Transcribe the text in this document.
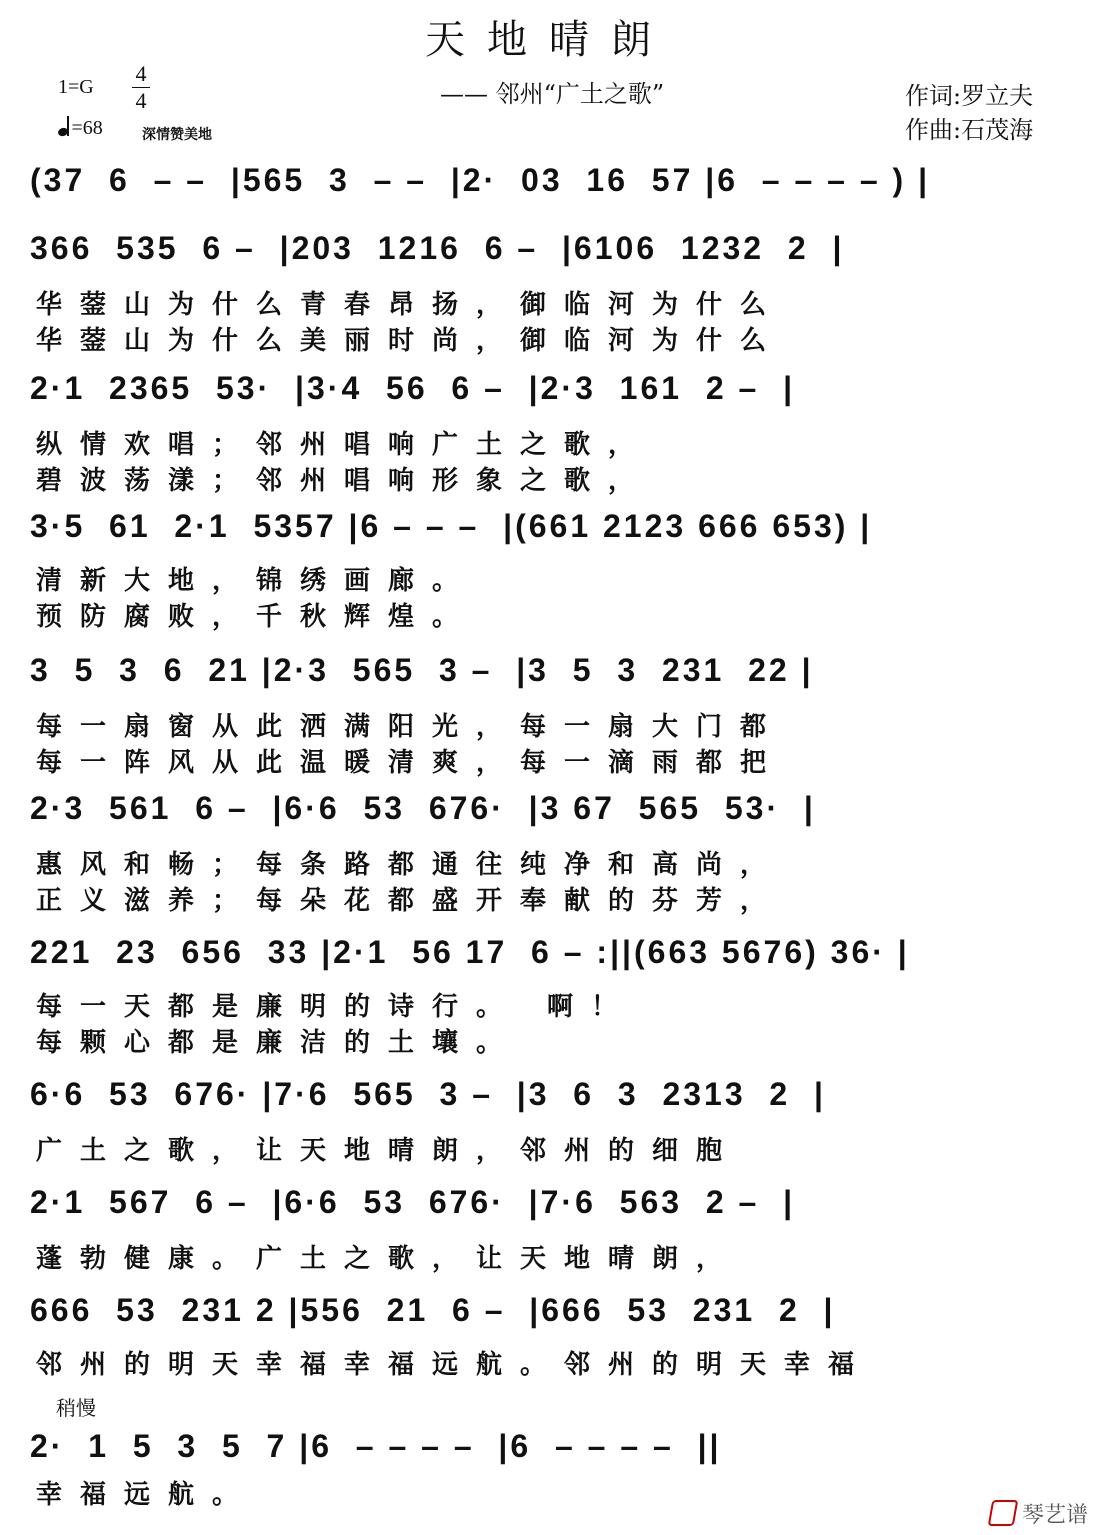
天地晴朗
—— 邻州“广土之歌”	作词:罗立夫
作曲:石茂海
1=G
4
4
=68	深情赞美地
(37  6  – –  |565  3  – –  |2·  03  16  57 |6  – – – – ) |
366  535  6 –  |203  1216  6 –  |6106  1232  2  |
华蓥山为什么青春昂扬，御临河为什么
华蓥山为什么美丽时尚，御临河为什么
2·1  2365  53·  |3·4  56  6 –  |2·3  161  2 –  |
纵情欢唱；邻州唱响广土之歌，
碧波荡漾；邻州唱响形象之歌，
3·5  61  2·1  5357 |6 – – –  |(661 2123 666 653) |
清新大地，锦绣画廊。
预防腐败，千秋辉煌。
3  5  3  6  21 |2·3  565  3 –  |3  5  3  231  22 |
每一扇窗从此洒满阳光，每一扇大门都
每一阵风从此温暖清爽，每一滴雨都把
2·3  561  6 –  |6·6  53  676·  |3 67  565  53·  |
惠风和畅；每条路都通往纯净和高尚，
正义滋养；每朵花都盛开奉献的芬芳，
221  23  656  33 |2·1  56 17  6 – :||(663 5676) 36· |
每一天都是廉明的诗行。 啊！
每颗心都是廉洁的土壤。
6·6  53  676· |7·6  565  3 –  |3  6  3  2313  2  |
广土之歌，让天地晴朗，邻州的细胞
2·1  567  6 –  |6·6  53  676·  |7·6  563  2 –  |
蓬勃健康。广土之歌，让天地晴朗，
666  53  231 2 |556  21  6 –  |666  53  231  2  |
邻州的明天幸福幸福远航。邻州的明天幸福
稍慢
2·  1  5  3  5  7 |6  – – – –  |6  – – – –  ||
幸福远航。
琴艺谱
